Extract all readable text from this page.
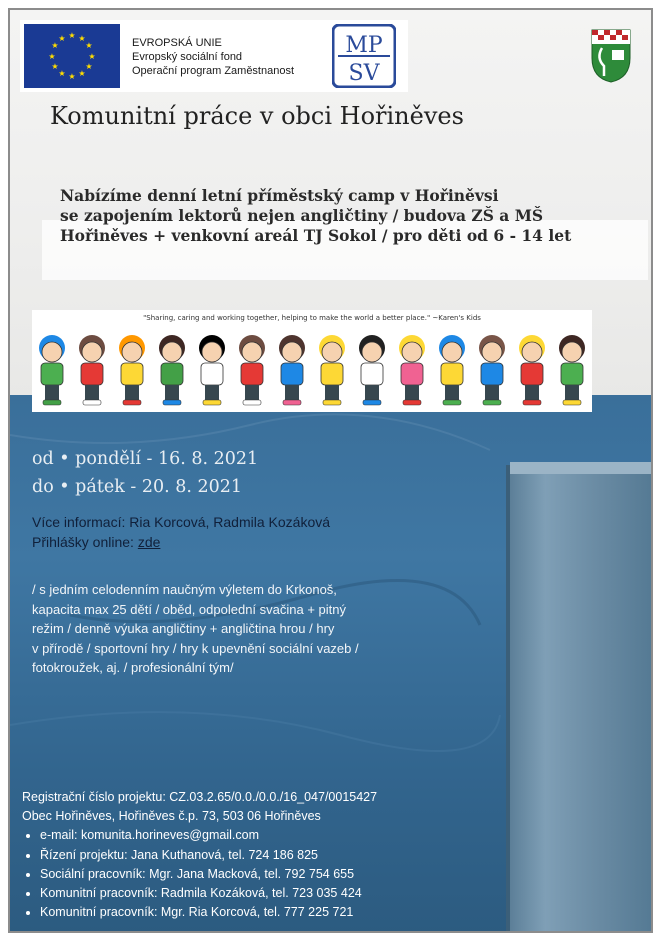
★ ★
★
★
★
★
★
★
★
★
★
★	EVROPSKÁ UNIE
Evropský sociální fond
Operační program Zaměstnanost
MP
SV
Komunitní práce v obci Hořiněves
Nabízíme denní letní příměstský camp v Hořiněvsi
se zapojením lektorů nejen angličtiny / budova ZŠ a MŠ
Hořiněves + venkovní areál TJ Sokol / pro děti od 6 - 14 let
"Sharing, caring and working together, helping to make the world a better place." ~Karen's Kids
od • pondělí - 16. 8. 2021
do • pátek - 20. 8. 2021
Více informací: Ria Korcová, Radmila Kozáková
Přihlášky online: zde
/ s jedním celodenním naučným výletem do Krkonoš,
kapacita max 25 dětí / oběd, odpolední svačina + pitný
režim / denně výuka angličtiny + angličtina hrou / hry
v přírodě / sportovní hry / hry k upevnění sociální vazeb /
fotokroužek, aj. / profesionální tým/
Registrační číslo projektu: CZ.03.2.65/0.0./0.0./16_047/0015427
Obec Hořiněves, Hořiněves č.p. 73, 503 06 Hořiněves
• e-mail: komunita.horineves@gmail.com
• Řízení projektu: Jana Kuthanová, tel. 724 186 825
• Sociální pracovník: Mgr. Jana Macková, tel. 792 754 655
• Komunitní pracovník: Radmila Kozáková, tel. 723 035 424
• Komunitní pracovník: Mgr. Ria Korcová, tel. 777 225 721
